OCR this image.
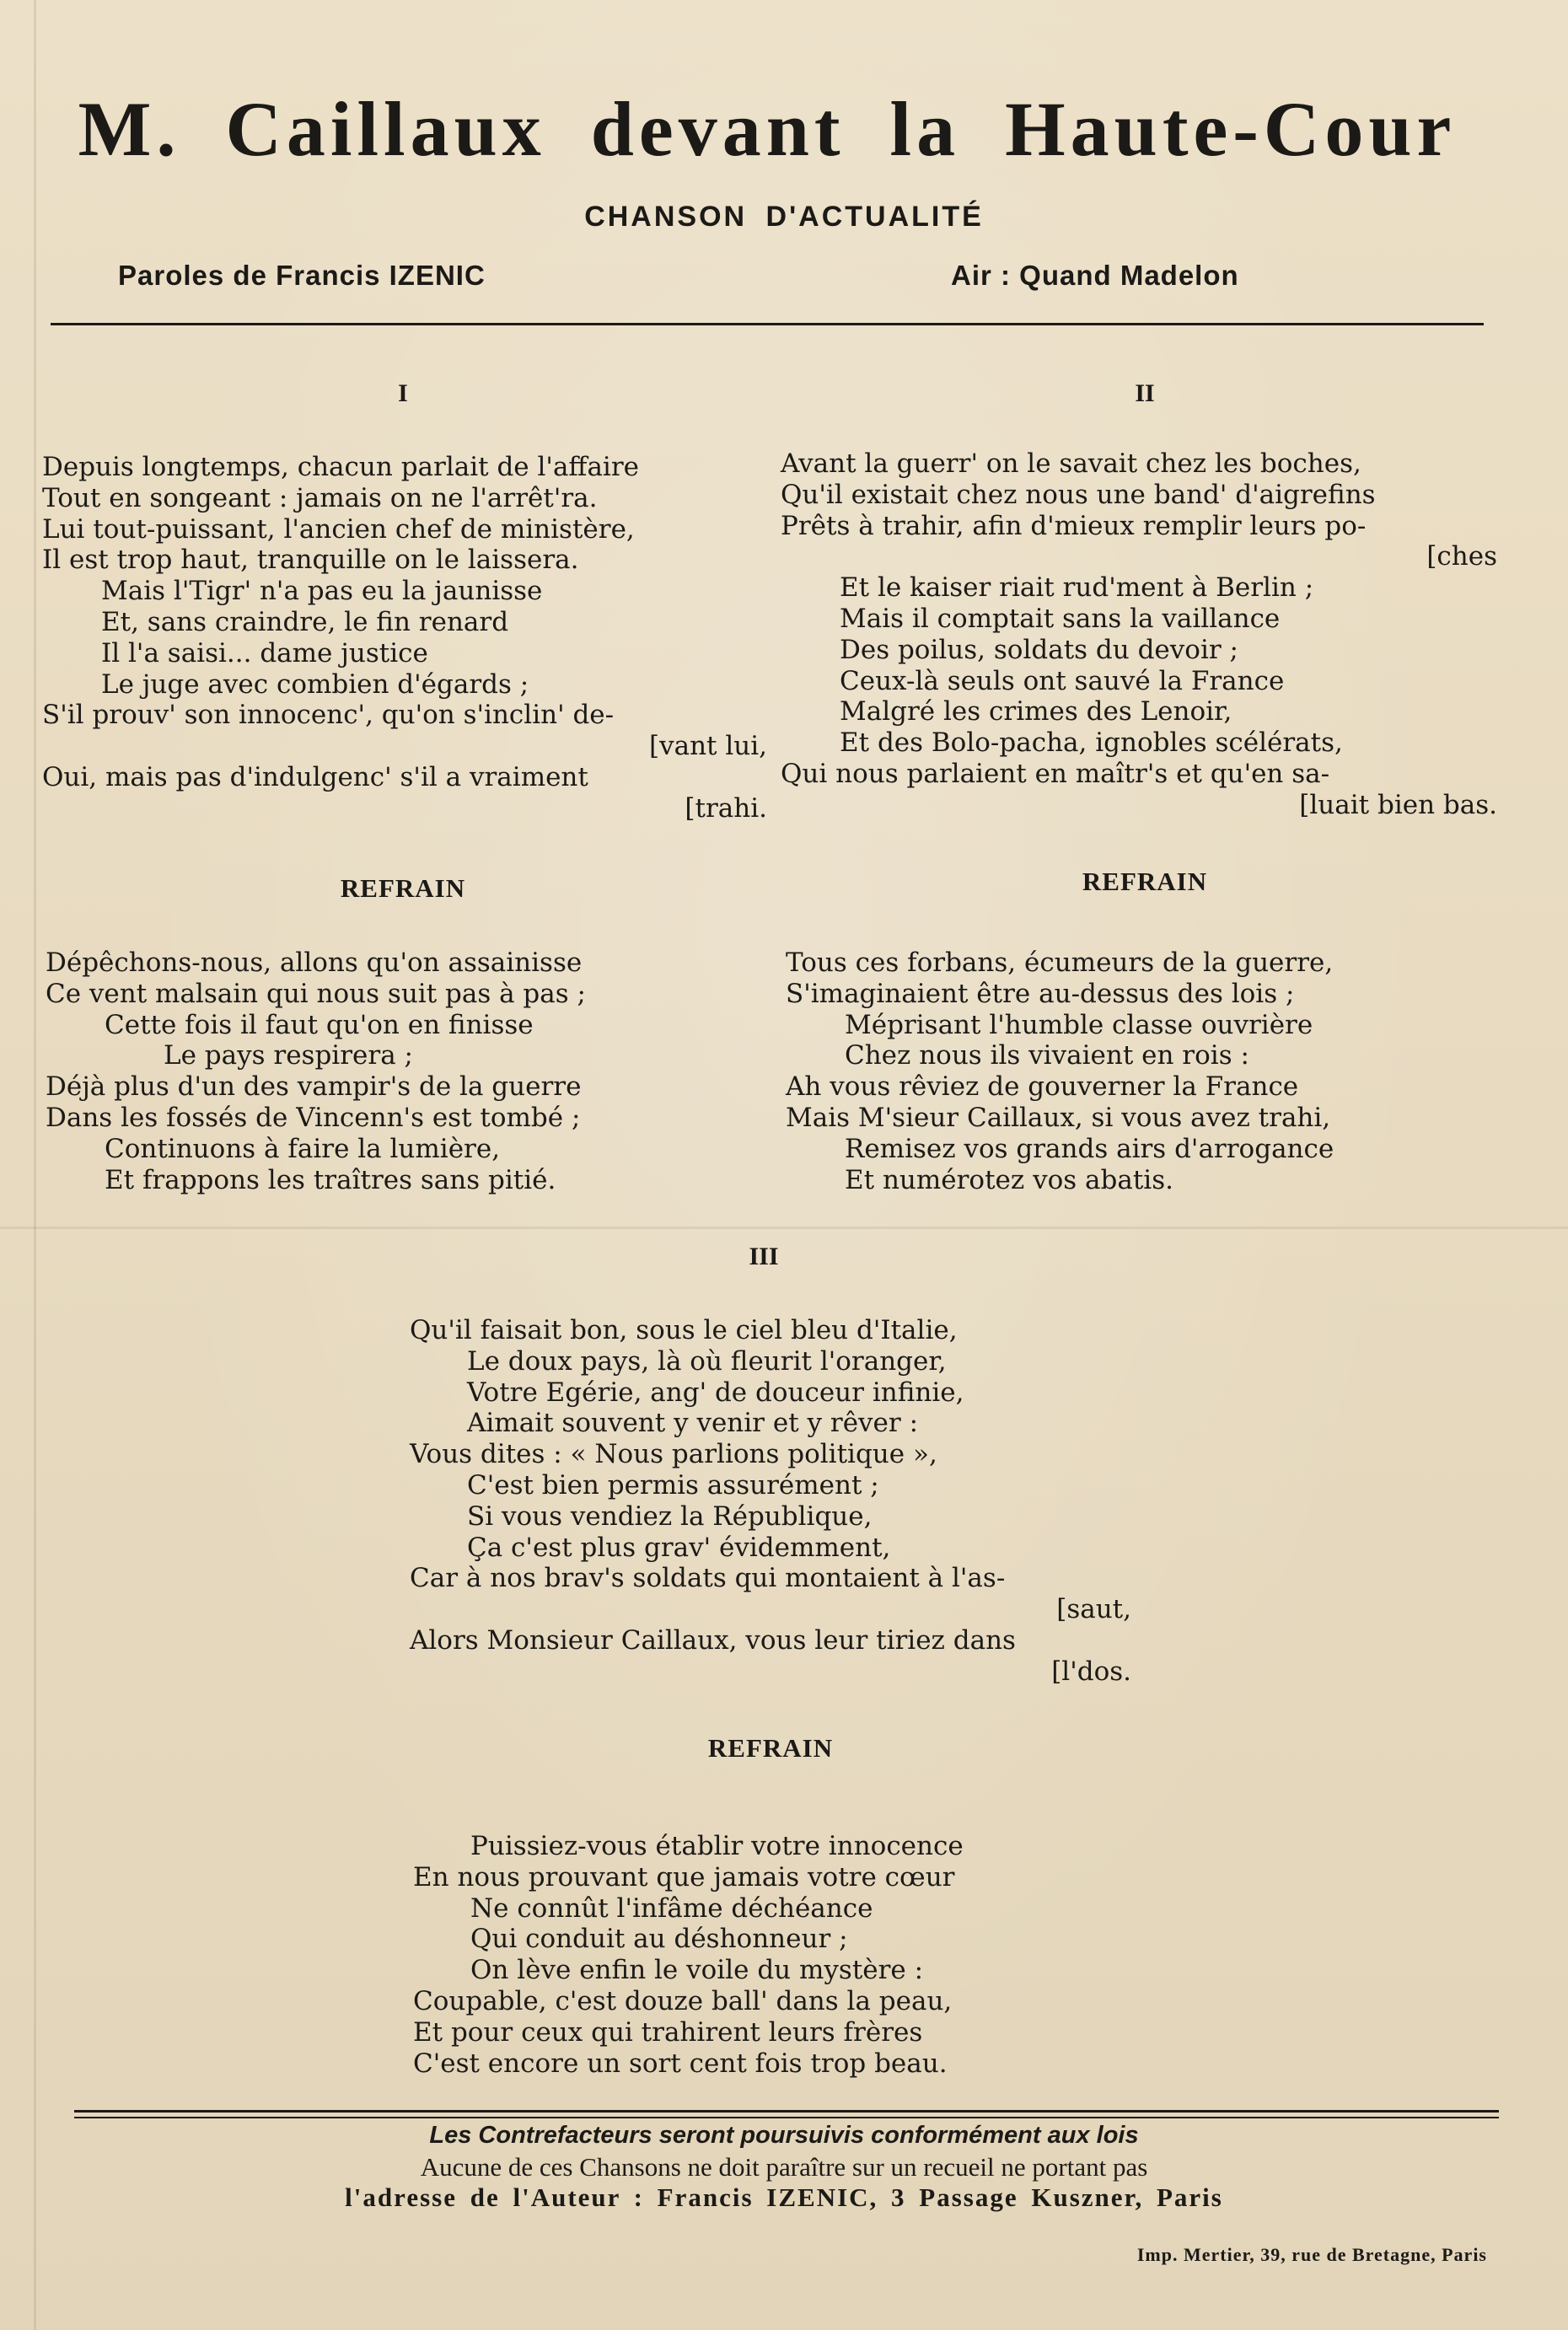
M. Caillaux devant la Haute-Cour
CHANSON D'ACTUALITÉ
Paroles de Francis IZENIC	Air : Quand Madelon
I
Depuis longtemps, chacun parlait de l'affaire
Tout en songeant : jamais on ne l'arrêt'ra.
Lui tout-puissant, l'ancien chef de ministère,
Il est trop haut, tranquille on le laissera.
Mais l'Tigr' n'a pas eu la jaunisse
Et, sans craindre, le fin renard
Il l'a saisi... dame justice
Le juge avec combien d'égards ;
S'il prouv' son innocenc', qu'on s'inclin' de-
[vant lui,
Oui, mais pas d'indulgenc' s'il a vraiment
[trahi.
II
Avant la guerr' on le savait chez les boches,
Qu'il existait chez nous une band' d'aigrefins
Prêts à trahir, afin d'mieux remplir leurs po-
[ches
Et le kaiser riait rud'ment à Berlin ;
Mais il comptait sans la vaillance
Des poilus, soldats du devoir ;
Ceux-là seuls ont sauvé la France
Malgré les crimes des Lenoir,
Et des Bolo-pacha, ignobles scélérats,
Qui nous parlaient en maîtr's et qu'en sa-
[luait bien bas.
REFRAIN
Dépêchons-nous, allons qu'on assainisse
Ce vent malsain qui nous suit pas à pas ;
Cette fois il faut qu'on en finisse
Le pays respirera ;
Déjà plus d'un des vampir's de la guerre
Dans les fossés de Vincenn's est tombé ;
Continuons à faire la lumière,
Et frappons les traîtres sans pitié.
REFRAIN
Tous ces forbans, écumeurs de la guerre,
S'imaginaient être au-dessus des lois ;
Méprisant l'humble classe ouvrière
Chez nous ils vivaient en rois :
Ah vous rêviez de gouverner la France
Mais M'sieur Caillaux, si vous avez trahi,
Remisez vos grands airs d'arrogance
Et numérotez vos abatis.
III
Qu'il faisait bon, sous le ciel bleu d'Italie,
Le doux pays, là où fleurit l'oranger,
Votre Egérie, ang' de douceur infinie,
Aimait souvent y venir et y rêver :
Vous dites : « Nous parlions politique »,
C'est bien permis assurément ;
Si vous vendiez la République,
Ça c'est plus grav' évidemment,
Car à nos brav's soldats qui montaient à l'as-
[saut,
Alors Monsieur Caillaux, vous leur tiriez dans
[l'dos.
REFRAIN
Puissiez-vous établir votre innocence
En nous prouvant que jamais votre cœur
Ne connût l'infâme déchéance
Qui conduit au déshonneur ;
On lève enfin le voile du mystère :
Coupable, c'est douze ball' dans la peau,
Et pour ceux qui trahirent leurs frères
C'est encore un sort cent fois trop beau.
Les Contrefacteurs seront poursuivis conformément aux lois
Aucune de ces Chansons ne doit paraître sur un recueil ne portant pas
l'adresse de l'Auteur : Francis IZENIC, 3 Passage Kuszner, Paris
Imp. Mertier, 39, rue de Bretagne, Paris
